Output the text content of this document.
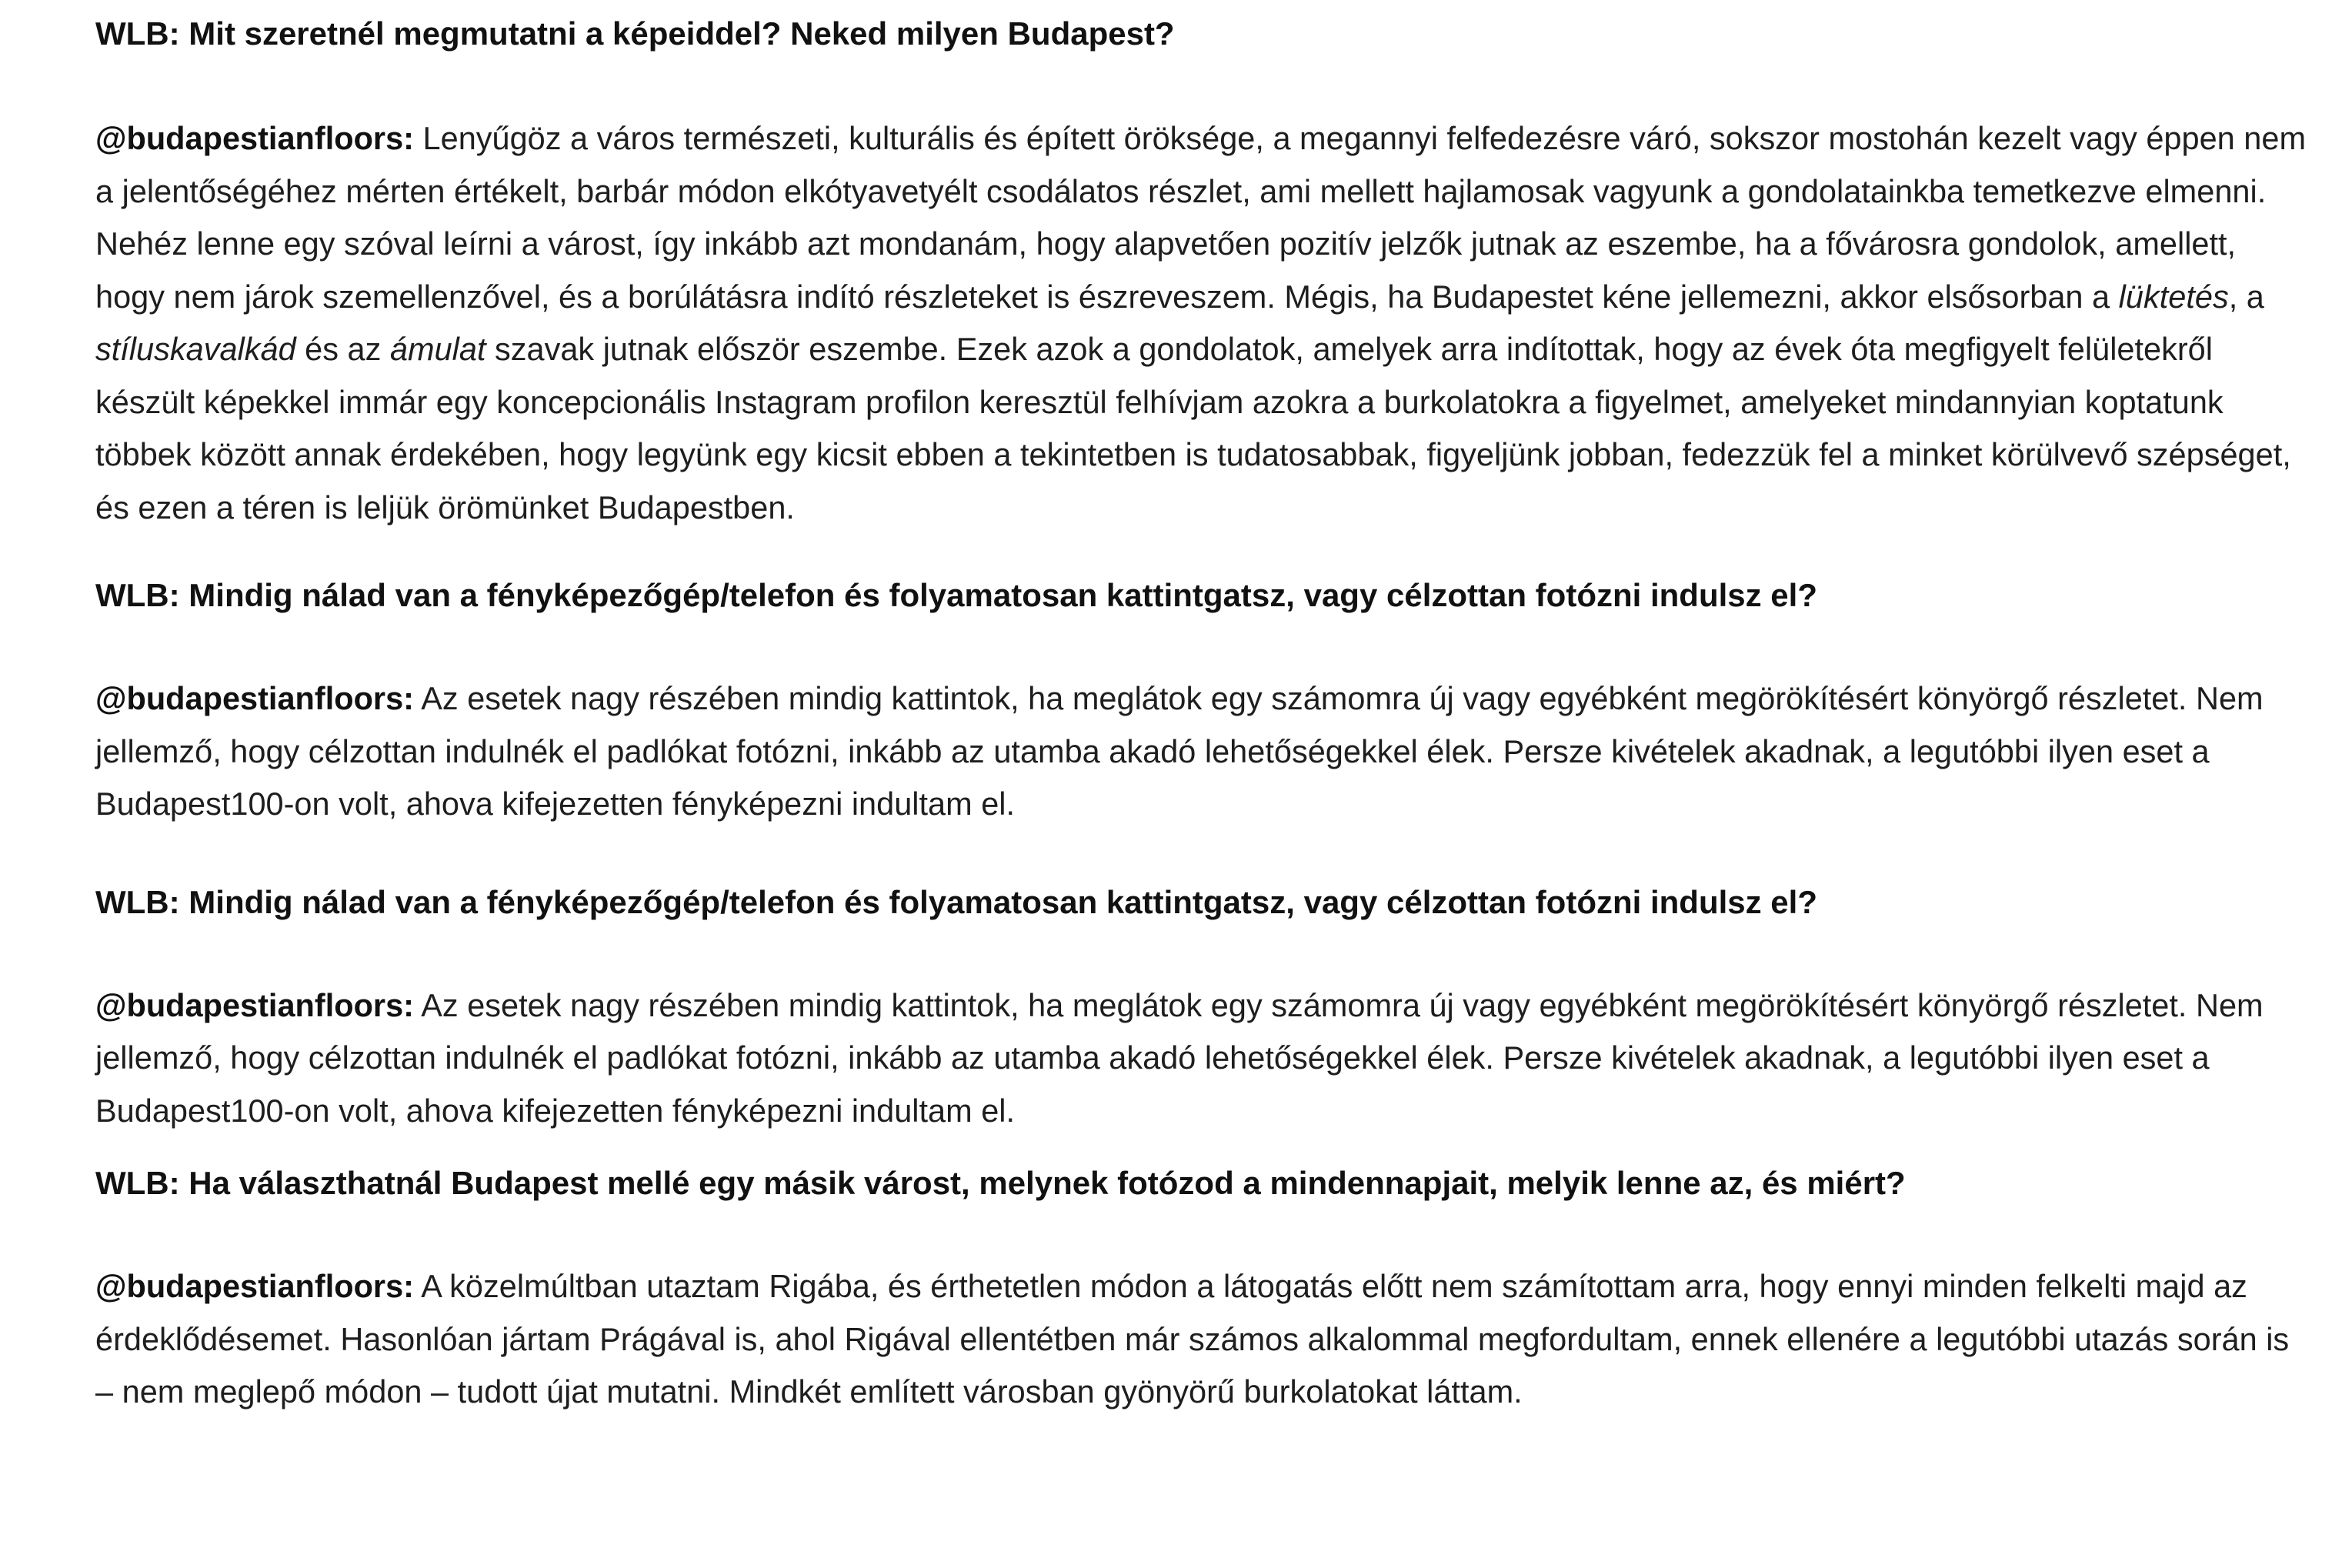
WLB: Mit szeretnél megmutatni a képeiddel? Neked milyen Budapest?

@budapestianfloors: Lenyűgöz a város természeti, kulturális és épített öröksége, a megannyi felfedezésre váró, sokszor mostohán kezelt vagy éppen nem a jelentőségéhez mérten értékelt, barbár módon elkótyavetyélt csodálatos részlet, ami mellett hajlamosak vagyunk a gondolatainkba temetkezve elmenni. Nehéz lenne egy szóval leírni a várost, így inkább azt mondanám, hogy alapvetően pozitív jelzők jutnak az eszembe, ha a fővárosra gondolok, amellett, hogy nem járok szemellenzővel, és a borúlátásra indító részleteket is észreveszem. Mégis, ha Budapestet kéne jellemezni, akkor elsősorban a lüktetés, a stíluskavalkád és az ámulat szavak jutnak először eszembe. Ezek azok a gondolatok, amelyek arra indítottak, hogy az évek óta megfigyelt felületekről készült képekkel immár egy koncepcionális Instagram profilon keresztül felhívjam azokra a burkolatokra a figyelmet, amelyeket mindannyian koptatunk többek között annak érdekében, hogy legyünk egy kicsit ebben a tekintetben is tudatosabbak, figyeljünk jobban, fedezzük fel a minket körülvevő szépséget, és ezen a téren is leljük örömünket Budapestben.

WLB: Mindig nálad van a fényképezőgép/telefon és folyamatosan kattintgatsz, vagy célzottan fotózni indulsz el?

@budapestianfloors: Az esetek nagy részében mindig kattintok, ha meglátok egy számomra új vagy egyébként megörökítésért könyörgő részletet. Nem jellemző, hogy célzottan indulnék el padlókat fotózni, inkább az utamba akadó lehetőségekkel élek. Persze kivételek akadnak, a legutóbbi ilyen eset a Budapest100-on volt, ahova kifejezetten fényképezni indultam el.

WLB: Mindig nálad van a fényképezőgép/telefon és folyamatosan kattintgatsz, vagy célzottan fotózni indulsz el?

@budapestianfloors: Az esetek nagy részében mindig kattintok, ha meglátok egy számomra új vagy egyébként megörökítésért könyörgő részletet. Nem jellemző, hogy célzottan indulnék el padlókat fotózni, inkább az utamba akadó lehetőségekkel élek. Persze kivételek akadnak, a legutóbbi ilyen eset a Budapest100-on volt, ahova kifejezetten fényképezni indultam el.

WLB: Ha választhatnál Budapest mellé egy másik várost, melynek fotózod a mindennapjait, melyik lenne az, és miért?

@budapestianfloors: A közelmúltban utaztam Rigába, és érthetetlen módon a látogatás előtt nem számítottam arra, hogy ennyi minden felkelti majd az érdeklődésemet. Hasonlóan jártam Prágával is, ahol Rigával ellentétben már számos alkalommal megfordultam, ennek ellenére a legutóbbi utazás során is – nem meglepő módon – tudott újat mutatni. Mindkét említett városban gyönyörű burkolatokat láttam.
